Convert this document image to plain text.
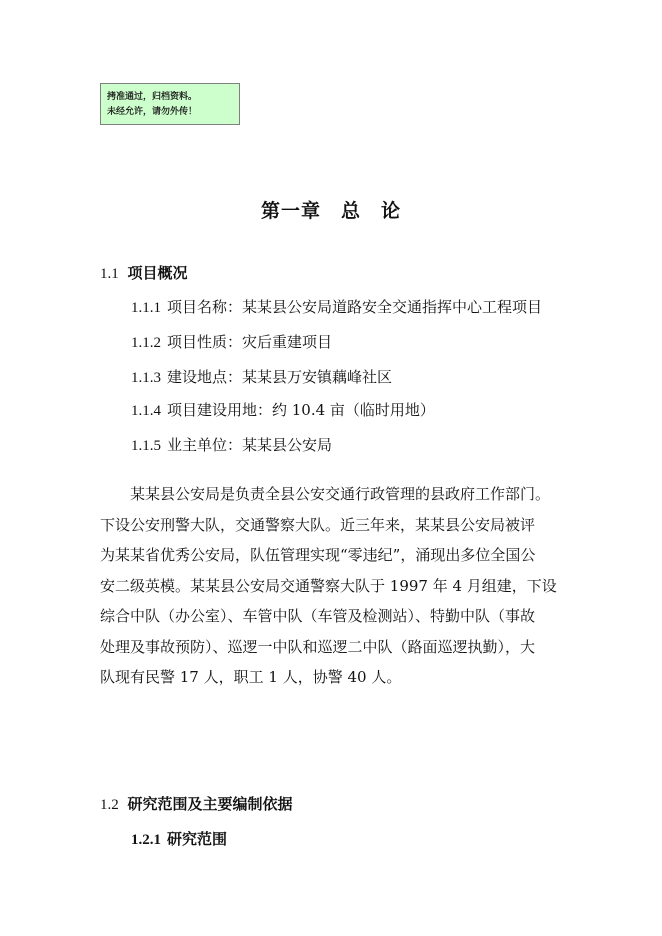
拷准通过，归档资料。
未经允许，请勿外传！
第一章　总　论
1.1 项目概况
1.1.1 项目名称：某某县公安局道路安全交通指挥中心工程项目
1.1.2 项目性质：灾后重建项目
1.1.3 建设地点：某某县万安镇藕峰社区
1.1.4 项目建设用地：约 10.4 亩（临时用地）
1.1.5 业主单位：某某县公安局
　　某某县公安局是负责全县公安交通行政管理的县政府工作部门。
下设公安刑警大队，交通警察大队。近三年来，某某县公安局被评
为某某省优秀公安局，队伍管理实现“零违纪”，涌现出多位全国公
安二级英模。某某县公安局交通警察大队于 1997 年 4 月组建，下设
综合中队（办公室）、车管中队（车管及检测站）、特勤中队（事故
处理及事故预防）、巡逻一中队和巡逻二中队（路面巡逻执勤），大
队现有民警 17 人，职工 1 人，协警 40 人。
1.2 研究范围及主要编制依据
1.2.1 研究范围
